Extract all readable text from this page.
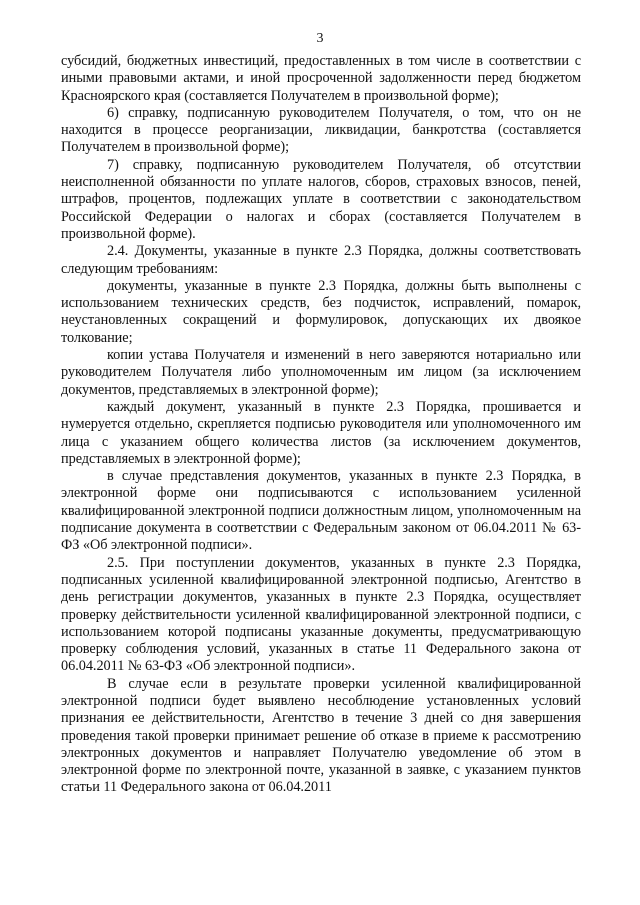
3

субсидий, бюджетных инвестиций, предоставленных в том числе в соответствии с иными правовыми актами, и иной просроченной задолженности перед бюджетом Красноярского края (составляется Получателем в произвольной форме);

6) справку, подписанную руководителем Получателя, о том, что он не находится в процессе реорганизации, ликвидации, банкротства (составляется Получателем в произвольной форме);

7) справку, подписанную руководителем Получателя, об отсутствии неисполненной обязанности по уплате налогов, сборов, страховых взносов, пеней, штрафов, процентов, подлежащих уплате в соответствии с законодательством Российской Федерации о налогах и сборах (составляется Получателем в произвольной форме).

2.4. Документы, указанные в пункте 2.3 Порядка, должны соответствовать следующим требованиям:

документы, указанные в пункте 2.3 Порядка, должны быть выполнены с использованием технических средств, без подчисток, исправлений, помарок, неустановленных сокращений и формулировок, допускающих их двоякое толкование;

копии устава Получателя и изменений в него заверяются нотариально или руководителем Получателя либо уполномоченным им лицом (за исключением документов, представляемых в электронной форме);

каждый документ, указанный в пункте 2.3 Порядка, прошивается и нумеруется отдельно, скрепляется подписью руководителя или уполномоченного им лица с указанием общего количества листов (за исключением документов, представляемых в электронной форме);

в случае представления документов, указанных в пункте 2.3 Порядка, в электронной форме они подписываются с использованием усиленной квалифицированной электронной подписи должностным лицом, уполномоченным на подписание документа в соответствии с Федеральным законом от 06.04.2011 № 63-ФЗ «Об электронной подписи».

2.5. При поступлении документов, указанных в пункте 2.3 Порядка, подписанных усиленной квалифицированной электронной подписью, Агентство в день регистрации документов, указанных в пункте 2.3 Порядка, осуществляет проверку действительности усиленной квалифицированной электронной подписи, с использованием которой подписаны указанные документы, предусматривающую проверку соблюдения условий, указанных в статье 11 Федерального закона от 06.04.2011 № 63-ФЗ «Об электронной подписи».

В случае если в результате проверки усиленной квалифицированной электронной подписи будет выявлено несоблюдение установленных условий признания ее действительности, Агентство в течение 3 дней со дня завершения проведения такой проверки принимает решение об отказе в приеме к рассмотрению электронных документов и направляет Получателю уведомление об этом в электронной форме по электронной почте, указанной в заявке, с указанием пунктов статьи 11 Федерального закона от 06.04.2011
